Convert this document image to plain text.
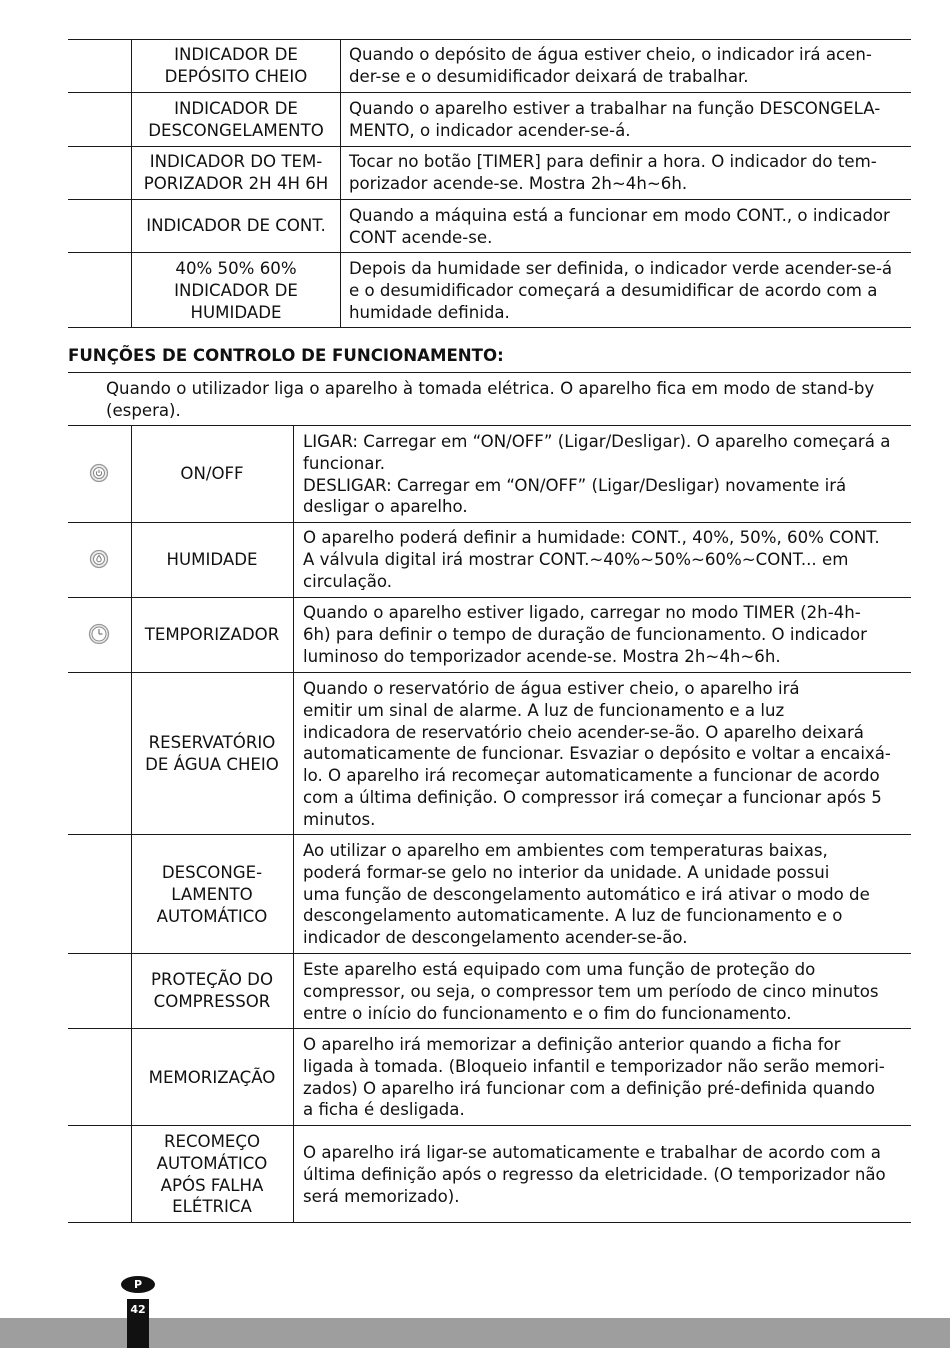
INDICADOR DE
DEPÓSITO CHEIO
Quando o depósito de água estiver cheio, o indicador irá acen-
der-se e o desumidificador deixará de trabalhar.
INDICADOR DE
DESCONGELAMENTO
Quando o aparelho estiver a trabalhar na função DESCONGELA-
MENTO, o indicador acender-se-á.
INDICADOR DO TEM-
PORIZADOR 2H 4H 6H
Tocar no botão [TIMER] para definir a hora. O indicador do tem-
porizador acende-se. Mostra 2h~4h~6h.
INDICADOR DE CONT.
Quando a máquina está a funcionar em modo CONT., o indicador
CONT acende-se.
40% 50% 60%
INDICADOR DE
HUMIDADE
Depois da humidade ser definida, o indicador verde acender-se-á
e o desumidificador começará a desumidificar de acordo com a
humidade definida.
FUNÇÕES DE CONTROLO DE FUNCIONAMENTO:
Quando o utilizador liga o aparelho à tomada elétrica. O aparelho fica em modo de stand-by
(espera).
ON/OFF
LIGAR: Carregar em “ON/OFF” (Ligar/Desligar). O aparelho começará a
funcionar.
DESLIGAR: Carregar em “ON/OFF” (Ligar/Desligar) novamente irá
desligar o aparelho.
HUMIDADE
O aparelho poderá definir a humidade: CONT., 40%, 50%, 60% CONT.
A válvula digital irá mostrar CONT.~40%~50%~60%~CONT... em
circulação.
TEMPORIZADOR
Quando o aparelho estiver ligado, carregar no modo TIMER (2h-4h-
6h) para definir o tempo de duração de funcionamento. O indicador
luminoso do temporizador acende-se. Mostra 2h~4h~6h.
RESERVATÓRIO
DE ÁGUA CHEIO
Quando o reservatório de água estiver cheio, o aparelho irá
emitir um sinal de alarme. A luz de funcionamento e a luz
indicadora de reservatório cheio acender-se-ão. O aparelho deixará
automaticamente de funcionar. Esvaziar o depósito e voltar a encaixá-
lo. O aparelho irá recomeçar automaticamente a funcionar de acordo
com a última definição. O compressor irá começar a funcionar após 5
minutos.
DESCONGE-
LAMENTO
AUTOMÁTICO
Ao utilizar o aparelho em ambientes com temperaturas baixas,
poderá formar-se gelo no interior da unidade. A unidade possui
uma função de descongelamento automático e irá ativar o modo de
descongelamento automaticamente. A luz de funcionamento e o
indicador de descongelamento acender-se-ão.
PROTEÇÃO DO
COMPRESSOR
Este aparelho está equipado com uma função de proteção do
compressor, ou seja, o compressor tem um período de cinco minutos
entre o início do funcionamento e o fim do funcionamento.
MEMORIZAÇÃO
O aparelho irá memorizar a definição anterior quando a ficha for
ligada à tomada. (Bloqueio infantil e temporizador não serão memori-
zados) O aparelho irá funcionar com a definição pré-definida quando
a ficha é desligada.
RECOMEÇO
AUTOMÁTICO
APÓS FALHA
ELÉTRICA
O aparelho irá ligar-se automaticamente e trabalhar de acordo com a
última definição após o regresso da eletricidade. (O temporizador não
será memorizado).
42
P
